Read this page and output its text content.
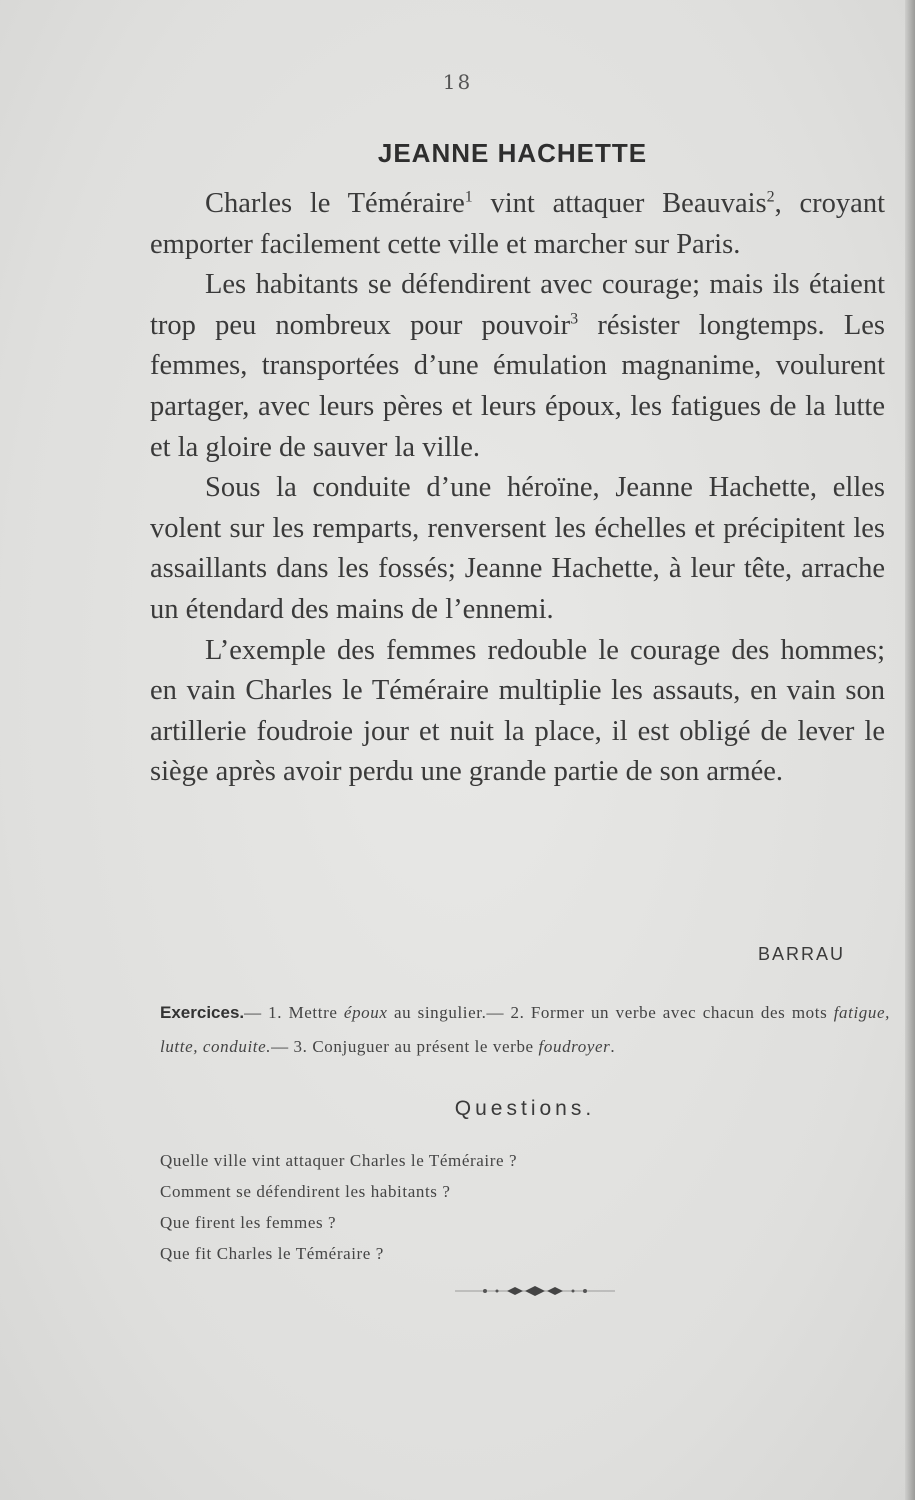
18
JEANNE HACHETTE

Charles le Téméraire$^1$ vint attaquer Beauvais$^2$, croyant emporter facilement cette ville et marcher sur Paris.

Les habitants se défendirent avec courage; mais ils étaient trop peu nombreux pour pouvoir$^3$ résister longtemps. Les femmes, transportées d’une émulation magnanime, voulurent partager, avec leurs pères et leurs époux, les fatigues de la lutte et la gloire de sauver la ville.

Sous la conduite d’une héroïne, Jeanne Hachette, elles volent sur les remparts, renversent les échelles et précipitent les assaillants dans les fossés; Jeanne Hachette, à leur tête, arrache un étendard des mains de l’ennemi.

L’exemple des femmes redouble le courage des hommes; en vain Charles le Téméraire multiplie les assauts, en vain son artillerie foudroie jour et nuit la place, il est obligé de lever le siège après avoir perdu une grande partie de son armée.

BARRAU
Exercices.— 1. Mettre époux au singulier.— 2. Former un verbe avec chacun des mots fatigue, lutte, conduite.— 3. Conjuguer au présent le verbe foudroyer.
Questions.
Quelle ville vint attaquer Charles le Téméraire ?
Comment se défendirent les habitants ?
Que firent les femmes ?
Que fit Charles le Téméraire ?
